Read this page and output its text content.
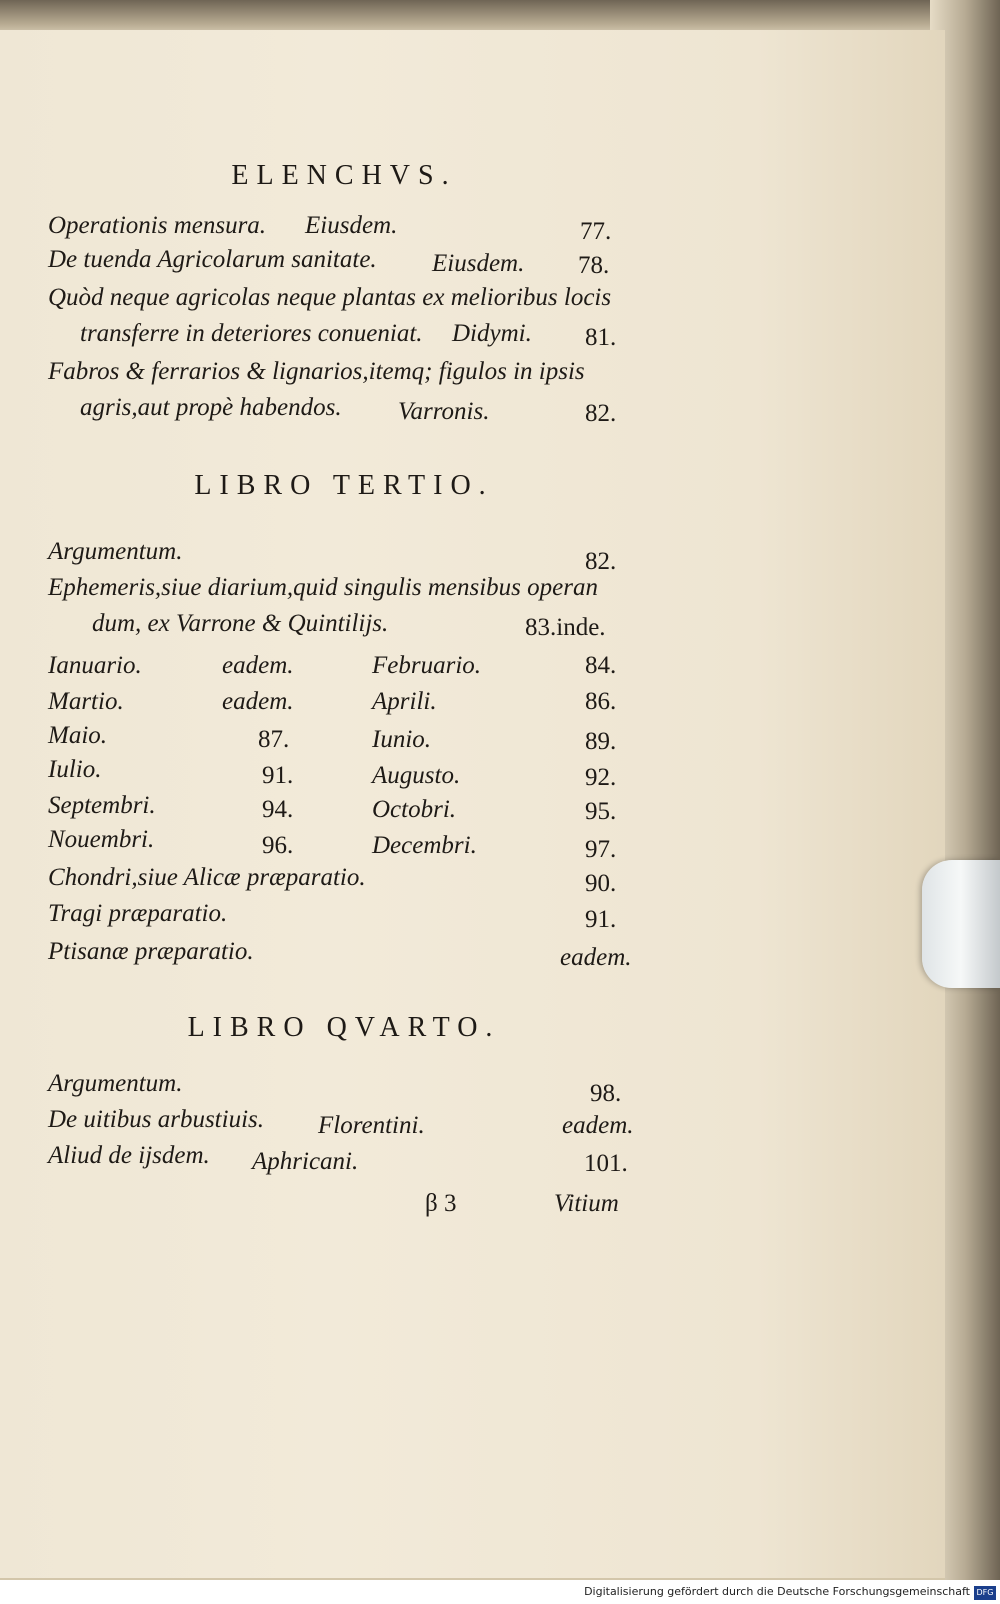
ELENCHVS.
Operationis mensura. Eiusdem.	77.
De tuenda Agricolarum sanitate. Eiusdem. 78.
Quòd neque agricolas neque plantas ex melioribus locis
transferre in deteriores conueniat. Didymi. 81.
Fabros & ferrarios & lignarios,itemq; figulos in ipsis
agris,aut propè habendos. Varronis.	82.
LIBRO TERTIO.
Argumentum.	82.
Ephemeris,siue diarium,quid singulis mensibus operan
dum, ex Varrone & Quintilijs.	83.inde.
Ianuario.	eadem.	Februario.	84.
Martio.	eadem.	Aprili.	86.
Maio.	87.	Iunio.	89.
Iulio.	91.	Augusto.	92.
Septembri.	94.	Octobri.	95.
Nouembri.	96.	Decembri.	97.
Chondri,siue Alicæ præparatio.	90.
Tragi præparatio.	91.
Ptisanæ præparatio.	eadem.
LIBRO QVARTO.
Argumentum.	98.
De uitibus arbustiuis. Florentini.	eadem.
Aliud de ijsdem. Aphricani.	101.
β 3	Vitium
Digitalisierung gefördert durch die Deutsche Forschungsgemeinschaft DFG
